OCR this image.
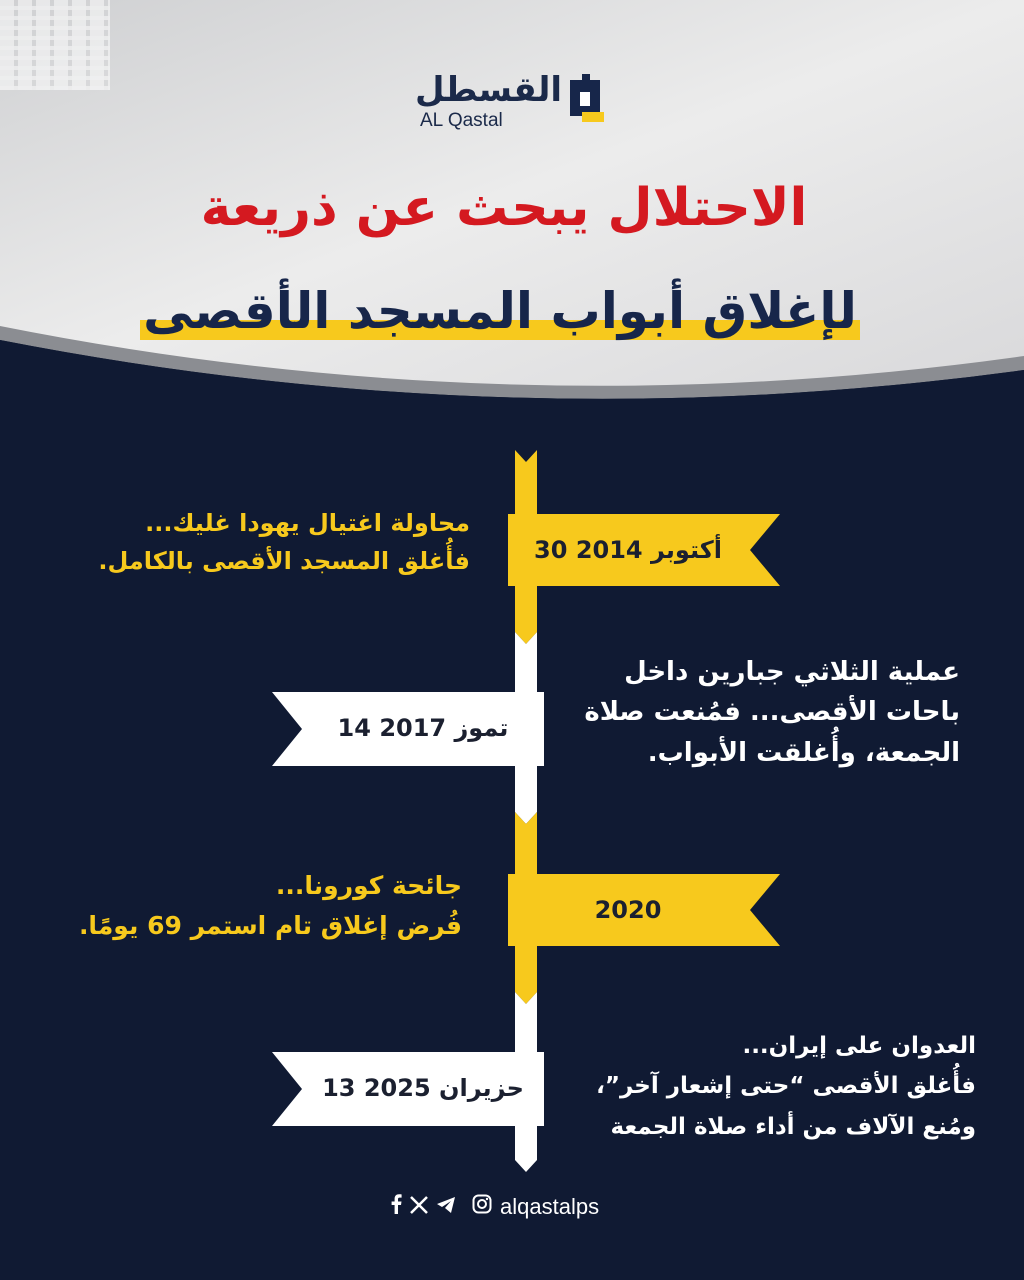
القسطل
AL Qastal
الاحتلال يبحث عن ذريعة
لإغلاق أبواب المسجد الأقصى
30 أكتوبر 2014
14 تموز 2017
2020
13 حزيران 2025
محاولة اغتيال يهودا غليك...
فأُغلق المسجد الأقصى بالكامل.
عملية الثلاثي جبارين داخل
باحات الأقصى... فمُنعت صلاة
الجمعة، وأُغلقت الأبواب.
جائحة كورونا...
فُرض إغلاق تام استمر 69 يومًا.
العدوان على إيران...
فأُغلق الأقصى “حتى إشعار آخر”،
ومُنع الآلاف من أداء صلاة الجمعة
alqastalps
